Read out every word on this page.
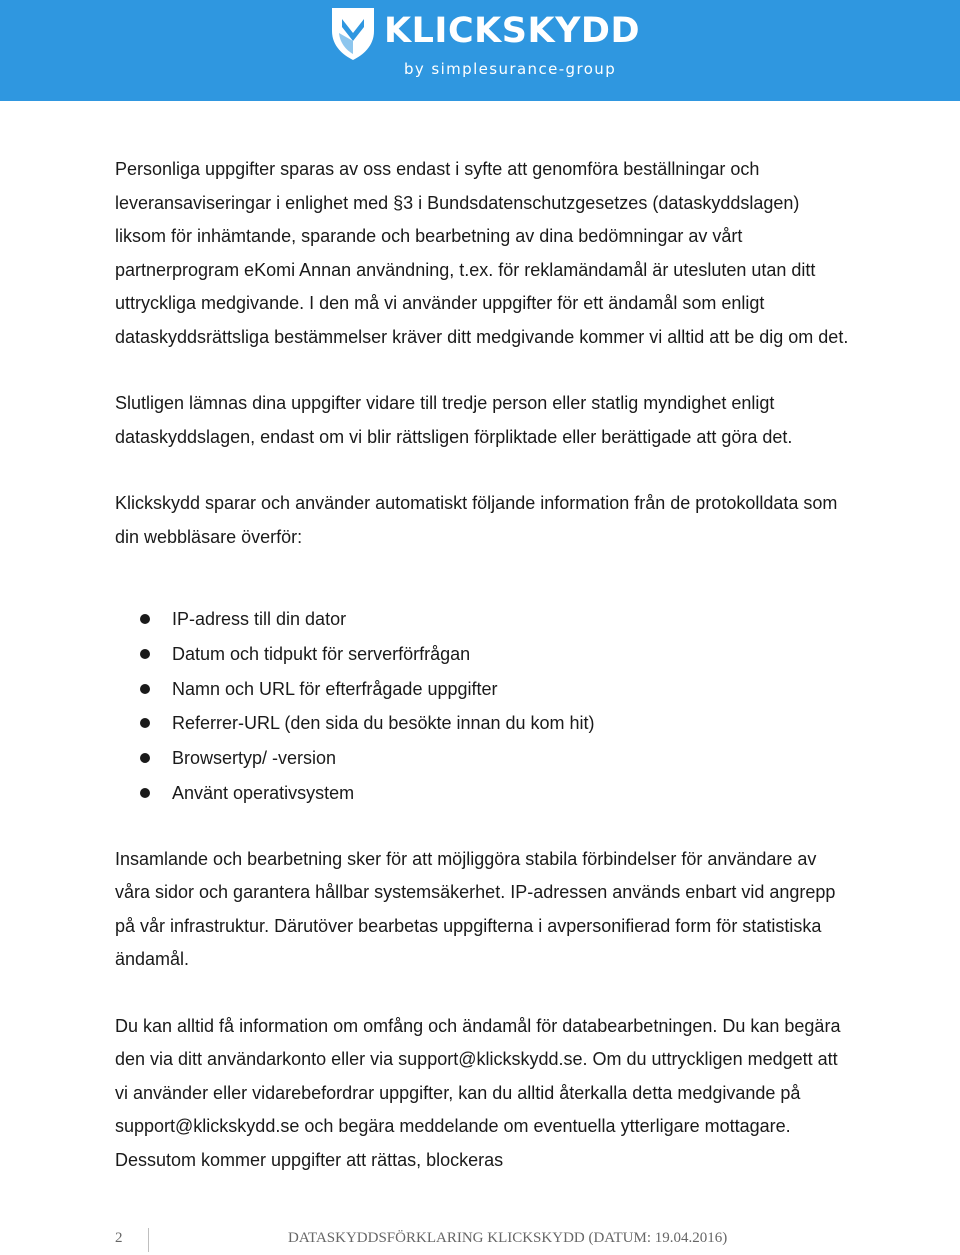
KLICKSKYDD
by simplesurance-group

Personliga uppgifter sparas av oss endast i syfte att genomföra beställningar och leveransaviseringar i enlighet med §3 i Bundsdatenschutzgesetzes (dataskyddslagen) liksom för inhämtande, sparande och bearbetning av dina bedömningar av vårt partnerprogram eKomi Annan användning, t.ex. för reklamändamål är utesluten utan ditt uttryckliga medgivande. I den må vi använder uppgifter för ett ändamål som enligt dataskyddsrättsliga bestämmelser kräver ditt medgivande kommer vi alltid att be dig om det.

Slutligen lämnas dina uppgifter vidare till tredje person eller statlig myndighet enligt dataskyddslagen, endast om vi blir rättsligen förpliktade eller berättigade att göra det.

Klickskydd sparar och använder automatiskt följande information från de protokolldata som din webbläsare överför:

IP-adress till din dator
Datum och tidpukt för serverförfrågan
Namn och URL för efterfrågade uppgifter
Referrer-URL (den sida du besökte innan du kom hit)
Browsertyp/ -version
Använt operativsystem

Insamlande och bearbetning sker för att möjliggöra stabila förbindelser för användare av våra sidor och garantera hållbar systemsäkerhet. IP-adressen används enbart vid angrepp på vår infrastruktur. Därutöver bearbetas uppgifterna i avpersonifierad form för statistiska ändamål.

Du kan alltid få information om omfång och ändamål för databearbetningen. Du kan begära den via ditt användarkonto eller via support@klickskydd.se. Om du uttryckligen medgett att vi använder eller vidarebefordrar uppgifter, kan du alltid återkalla detta medgivande på support@klickskydd.se och begära meddelande om eventuella ytterligare mottagare. Dessutom kommer uppgifter att rättas, blockeras

2	DATASKYDDSFÖRKLARING KLICKSKYDD (DATUM: 19.04.2016)
